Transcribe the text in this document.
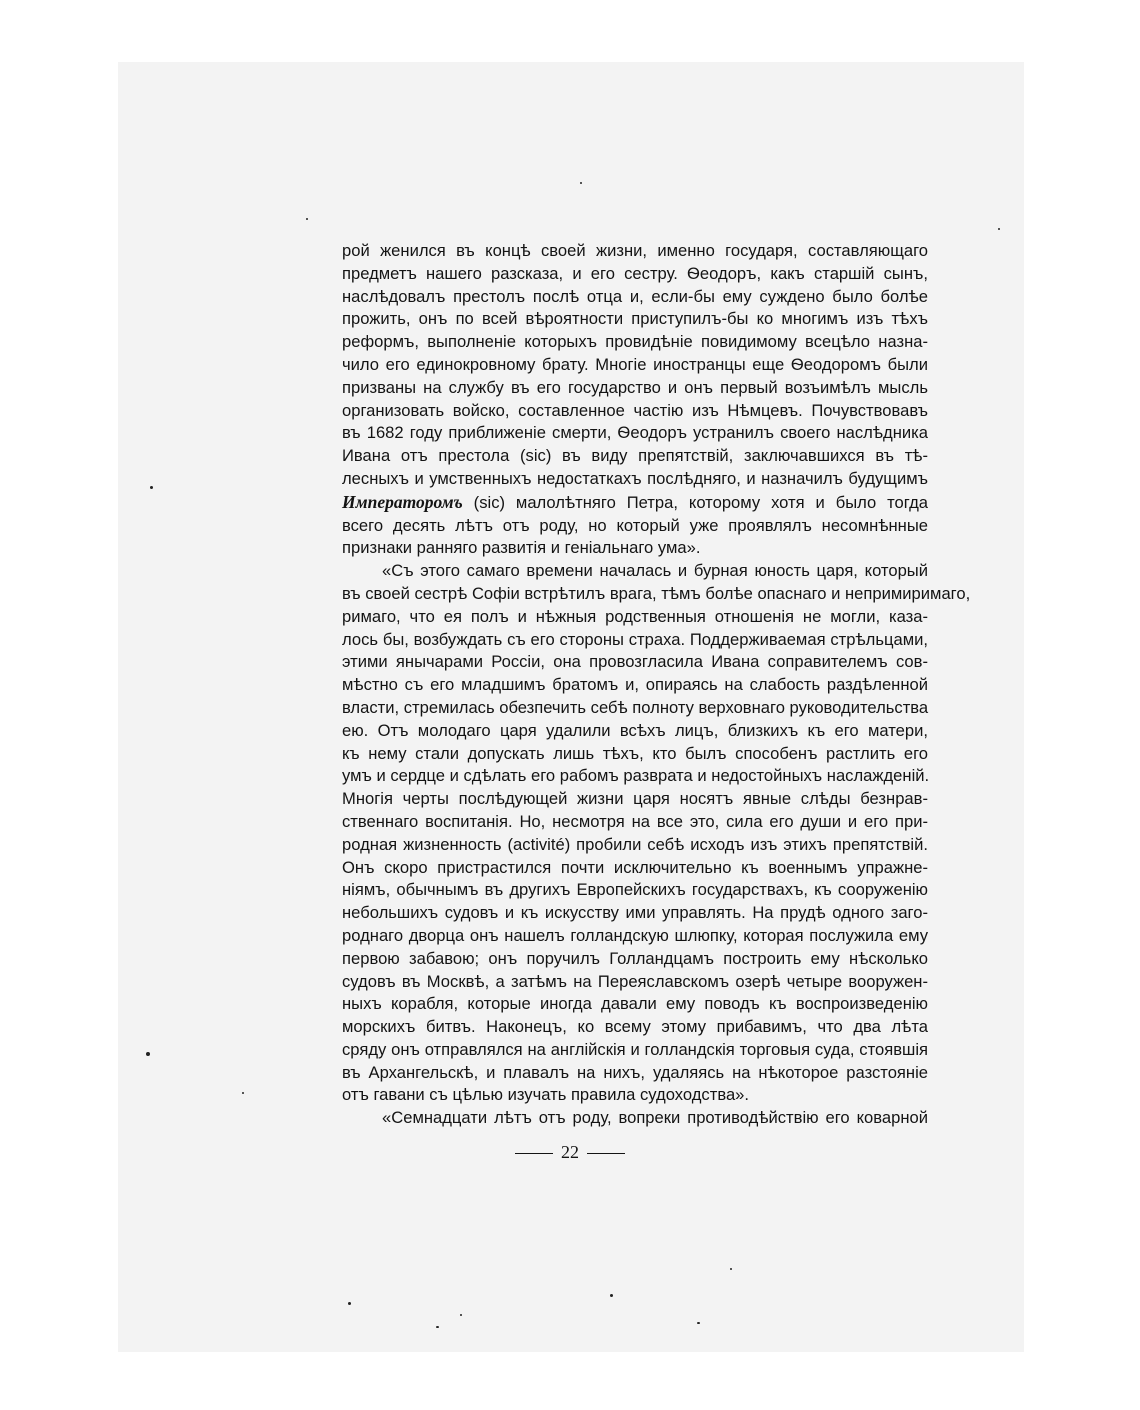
рой женился въ концѣ своей жизни, именно государя, составляющаго
предметъ нашего разсказа, и его сестру. Ѳеодоръ, какъ старшій сынъ,
наслѣдовалъ престолъ послѣ отца и, если-бы ему суждено было болѣе
прожить, онъ по всей вѣроятности приступилъ-бы ко многимъ изъ тѣхъ
реформъ, выполненіе которыхъ провидѣніе повидимому всецѣло назна-
чило его единокровному брату. Многіе иностранцы еще Ѳеодоромъ были
призваны на службу въ его государство и онъ первый возъимѣлъ мысль
организовать войско, составленное частію изъ Нѣмцевъ. Почувствовавъ
въ 1682 году приближеніе смерти, Ѳеодоръ устранилъ своего наслѣдника
Ивана отъ престола (sic) въ виду препятствій, заключавшихся въ тѣ-
лесныхъ и умственныхъ недостаткахъ послѣдняго, и назначилъ будущимъ
Императоромъ (sic) малолѣтняго Петра, которому хотя и было тогда
всего десять лѣтъ отъ роду, но который уже проявлялъ несомнѣнные
признаки ранняго развитія и геніальнаго ума».

«Съ этого самаго времени началась и бурная юность царя, который
въ своей сестрѣ Софіи встрѣтилъ врага, тѣмъ болѣе опаснаго и непримиримаго,
римаго, что ея полъ и нѣжныя родственныя отношенія не могли, каза-
лось бы, возбуждать съ его стороны страха. Поддерживаемая стрѣльцами,
этими янычарами Россіи, она провозгласила Ивана соправителемъ сов-
мѣстно съ его младшимъ братомъ и, опираясь на слабость раздѣленной
власти, стремилась обезпечить себѣ полноту верховнаго руководительства
ею. Отъ молодаго царя удалили всѣхъ лицъ, близкихъ къ его матери,
къ нему стали допускать лишь тѣхъ, кто былъ способенъ растлить его
умъ и сердце и сдѣлать его рабомъ разврата и недостойныхъ наслажденій.
Многія черты послѣдующей жизни царя носятъ явные слѣды безнрав-
ственнаго воспитанія. Но, несмотря на все это, сила его души и его при-
родная жизненность (activité) пробили себѣ исходъ изъ этихъ препятствій.
Онъ скоро пристрастился почти исключительно къ военнымъ упражне-
ніямъ, обычнымъ въ другихъ Европейскихъ государствахъ, къ сооруженію
небольшихъ судовъ и къ искусству ими управлять. На прудѣ одного заго-
роднаго дворца онъ нашелъ голландскую шлюпку, которая послужила ему
первою забавою; онъ поручилъ Голландцамъ построить ему нѣсколько
судовъ въ Москвѣ, а затѣмъ на Переяславскомъ озерѣ четыре вооружен-
ныхъ корабля, которые иногда давали ему поводъ къ воспроизведенію
морскихъ битвъ. Наконецъ, ко всему этому прибавимъ, что два лѣта
сряду онъ отправлялся на англійскія и голландскія торговыя суда, стоявшія
въ Архангельскѣ, и плавалъ на нихъ, удаляясь на нѣкоторое разстояніе
отъ гавани съ цѣлью изучать правила судоходства».

«Семнадцати лѣтъ отъ роду, вопреки противодѣйствію его коварной

22
